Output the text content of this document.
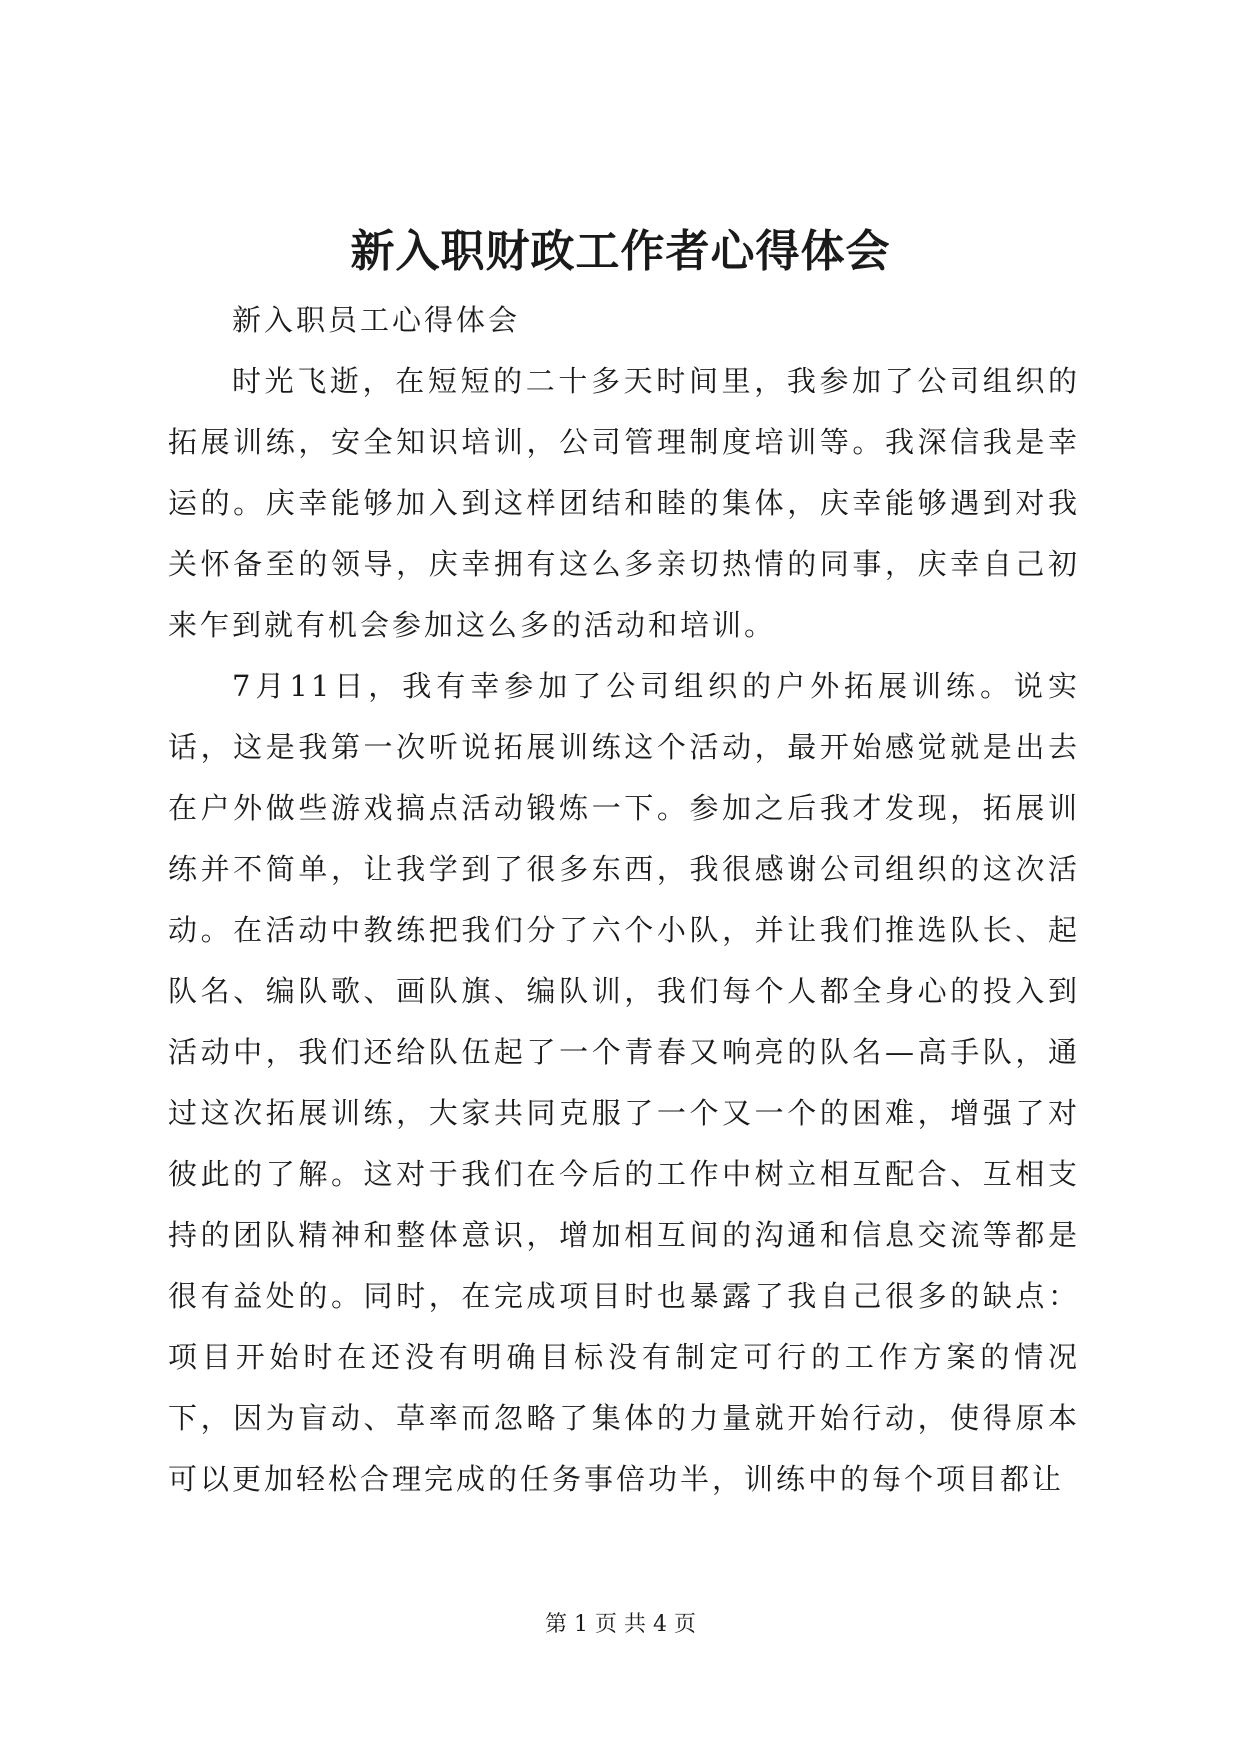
新入职财政工作者心得体会

新入职员工心得体会

时光飞逝，在短短的二十多天时间里，我参加了公司组织的拓展训练，安全知识培训，公司管理制度培训等。我深信我是幸运的。庆幸能够加入到这样团结和睦的集体，庆幸能够遇到对我关怀备至的领导，庆幸拥有这么多亲切热情的同事，庆幸自己初来乍到就有机会参加这么多的活动和培训。

7月11日，我有幸参加了公司组织的户外拓展训练。说实话，这是我第一次听说拓展训练这个活动，最开始感觉就是出去在户外做些游戏搞点活动锻炼一下。参加之后我才发现，拓展训练并不简单，让我学到了很多东西，我很感谢公司组织的这次活动。在活动中教练把我们分了六个小队，并让我们推选队长、起队名、编队歌、画队旗、编队训，我们每个人都全身心的投入到活动中，我们还给队伍起了一个青春又响亮的队名—高手队，通过这次拓展训练，大家共同克服了一个又一个的困难，增强了对彼此的了解。这对于我们在今后的工作中树立相互配合、互相支持的团队精神和整体意识，增加相互间的沟通和信息交流等都是很有益处的。同时，在完成项目时也暴露了我自己很多的缺点：项目开始时在还没有明确目标没有制定可行的工作方案的情况下，因为盲动、草率而忽略了集体的力量就开始行动，使得原本可以更加轻松合理完成的任务事倍功半，训练中的每个项目都让

第 1 页 共 4 页
